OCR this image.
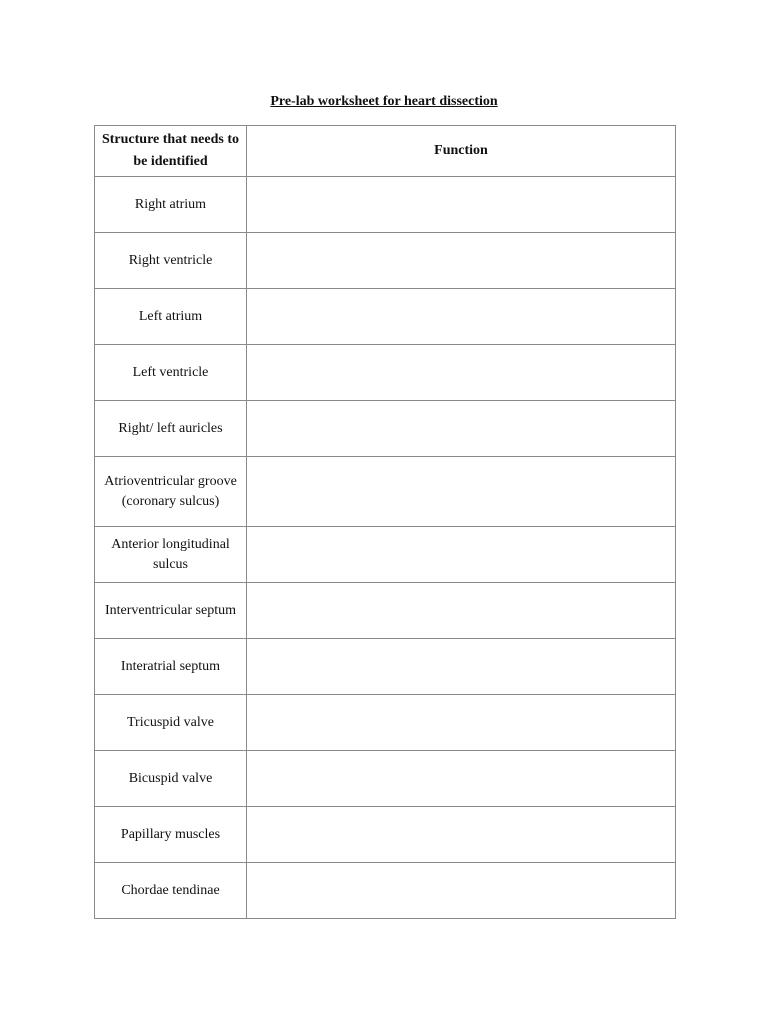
Pre-lab worksheet for heart dissection
Structure that needs to be identified	Function
Right atrium	
Right ventricle	
Left atrium	
Left ventricle	
Right/ left auricles	
Atrioventricular groove (coronary sulcus)	
Anterior longitudinal sulcus	
Interventricular septum	
Interatrial septum	
Tricuspid valve	
Bicuspid valve	
Papillary muscles	
Chordae tendinae	
